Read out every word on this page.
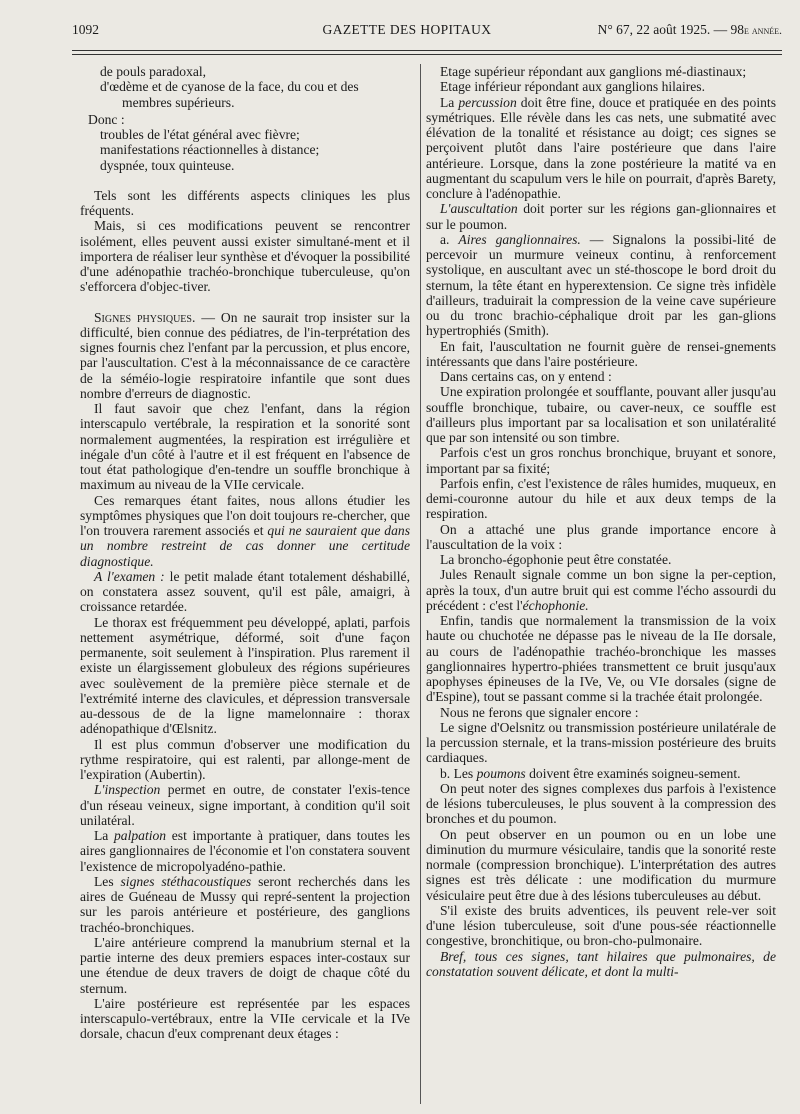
1092	GAZETTE DES HOPITAUX	N° 67, 22 août 1925. — 98e année.

de pouls paradoxal,

d'œdème et de cyanose de la face, du cou et des

membres supérieurs.

Donc :

troubles de l'état général avec fièvre;

manifestations réactionnelles à distance;

dyspnée, toux quinteuse.

Tels sont les différents aspects cliniques les plus fréquents.

Mais, si ces modifications peuvent se rencontrer isolément, elles peuvent aussi exister simultané-ment et il importera de réaliser leur synthèse et d'évoquer la possibilité d'une adénopathie trachéo-bronchique tuberculeuse, qu'on s'efforcera d'objec-tiver.

Signes physiques. — On ne saurait trop insister sur la difficulté, bien connue des pédiatres, de l'in-terprétation des signes fournis chez l'enfant par la percussion, et plus encore, par l'auscultation. C'est à la méconnaissance de ce caractère de la séméio-logie respiratoire infantile que sont dues nombre d'erreurs de diagnostic.

Il faut savoir que chez l'enfant, dans la région interscapulo vertébrale, la respiration et la sonorité sont normalement augmentées, la respiration est irrégulière et inégale d'un côté à l'autre et il est fréquent en l'absence de tout état pathologique d'en-tendre un souffle bronchique à maximum au niveau de la VIIe cervicale.

Ces remarques étant faites, nous allons étudier les symptômes physiques que l'on doit toujours re-chercher, que l'on trouvera rarement associés et qui ne sauraient que dans un nombre restreint de cas donner une certitude diagnostique.

A l'examen : le petit malade étant totalement déshabillé, on constatera assez souvent, qu'il est pâle, amaigri, à croissance retardée.

Le thorax est fréquemment peu développé, aplati, parfois nettement asymétrique, déformé, soit d'une façon permanente, soit seulement à l'inspiration. Plus rarement il existe un élargissement globuleux des régions supérieures avec soulèvement de la première pièce sternale et de l'extrémité interne des clavicules, et dépression transversale au-dessous de de la ligne mamelonnaire : thorax adénopathique d'Œlsnitz.

Il est plus commun d'observer une modification du rythme respiratoire, qui est ralenti, par allonge-ment de l'expiration (Aubertin).

L'inspection permet en outre, de constater l'exis-tence d'un réseau veineux, signe important, à condition qu'il soit unilatéral.

La palpation est importante à pratiquer, dans toutes les aires ganglionnaires de l'économie et l'on constatera souvent l'existence de micropolyadéno-pathie.

Les signes stéthacoustiques seront recherchés dans les aires de Guéneau de Mussy qui repré-sentent la projection sur les parois antérieure et postérieure, des ganglions trachéo-bronchiques.

L'aire antérieure comprend la manubrium sternal et la partie interne des deux premiers espaces inter-costaux sur une étendue de deux travers de doigt de chaque côté du sternum.

L'aire postérieure est représentée par les espaces interscapulo-vertébraux, entre la VIIe cervicale et la IVe dorsale, chacun d'eux comprenant deux étages :

Etage supérieur répondant aux ganglions mé-diastinaux;

Etage inférieur répondant aux ganglions hilaires.

La percussion doit être fine, douce et pratiquée en des points symétriques. Elle révèle dans les cas nets, une submatité avec élévation de la tonalité et résistance au doigt; ces signes se perçoivent plutôt dans l'aire postérieure que dans l'aire antérieure. Lorsque, dans la zone postérieure la matité va en augmentant du scapulum vers le hile on pourrait, d'après Barety, conclure à l'adénopathie.

L'auscultation doit porter sur les régions gan-glionnaires et sur le poumon.

a. Aires ganglionnaires. — Signalons la possibi-lité de percevoir un murmure veineux continu, à renforcement systolique, en auscultant avec un sté-thoscope le bord droit du sternum, la tête étant en hyperextension. Ce signe très infidèle d'ailleurs, traduirait la compression de la veine cave supérieure ou du tronc brachio-céphalique droit par les gan-glions hypertrophiés (Smith).

En fait, l'auscultation ne fournit guère de rensei-gnements intéressants que dans l'aire postérieure.

Dans certains cas, on y entend :

Une expiration prolongée et soufflante, pouvant aller jusqu'au souffle bronchique, tubaire, ou caver-neux, ce souffle est d'ailleurs plus important par sa localisation et son unilatéralité que par son intensité ou son timbre.

Parfois c'est un gros ronchus bronchique, bruyant et sonore, important par sa fixité;

Parfois enfin, c'est l'existence de râles humides, muqueux, en demi-couronne autour du hile et aux deux temps de la respiration.

On a attaché une plus grande importance encore à l'auscultation de la voix :

La broncho-égophonie peut être constatée.

Jules Renault signale comme un bon signe la per-ception, après la toux, d'un autre bruit qui est comme l'écho assourdi du précédent : c'est l'échophonie.

Enfin, tandis que normalement la transmission de la voix haute ou chuchotée ne dépasse pas le niveau de la IIe dorsale, au cours de l'adénopathie trachéo-bronchique les masses ganglionnaires hypertro-phiées transmettent ce bruit jusqu'aux apophyses épineuses de la IVe, Ve, ou VIe dorsales (signe de d'Espine), tout se passant comme si la trachée était prolongée.

Nous ne ferons que signaler encore :

Le signe d'Oelsnitz ou transmission postérieure unilatérale de la percussion sternale, et la trans-mission postérieure des bruits cardiaques.

b. Les poumons doivent être examinés soigneu-sement.

On peut noter des signes complexes dus parfois à l'existence de lésions tuberculeuses, le plus souvent à la compression des bronches et du poumon.

On peut observer en un poumon ou en un lobe une diminution du murmure vésiculaire, tandis que la sonorité reste normale (compression bronchique). L'interprétation des autres signes est très délicate : une modification du murmure vésiculaire peut être due à des lésions tuberculeuses au début.

S'il existe des bruits adventices, ils peuvent rele-ver soit d'une lésion tuberculeuse, soit d'une pous-sée réactionnelle congestive, bronchitique, ou bron-cho-pulmonaire.

Bref, tous ces signes, tant hilaires que pulmonaires, de constatation souvent délicate, et dont la multi-
